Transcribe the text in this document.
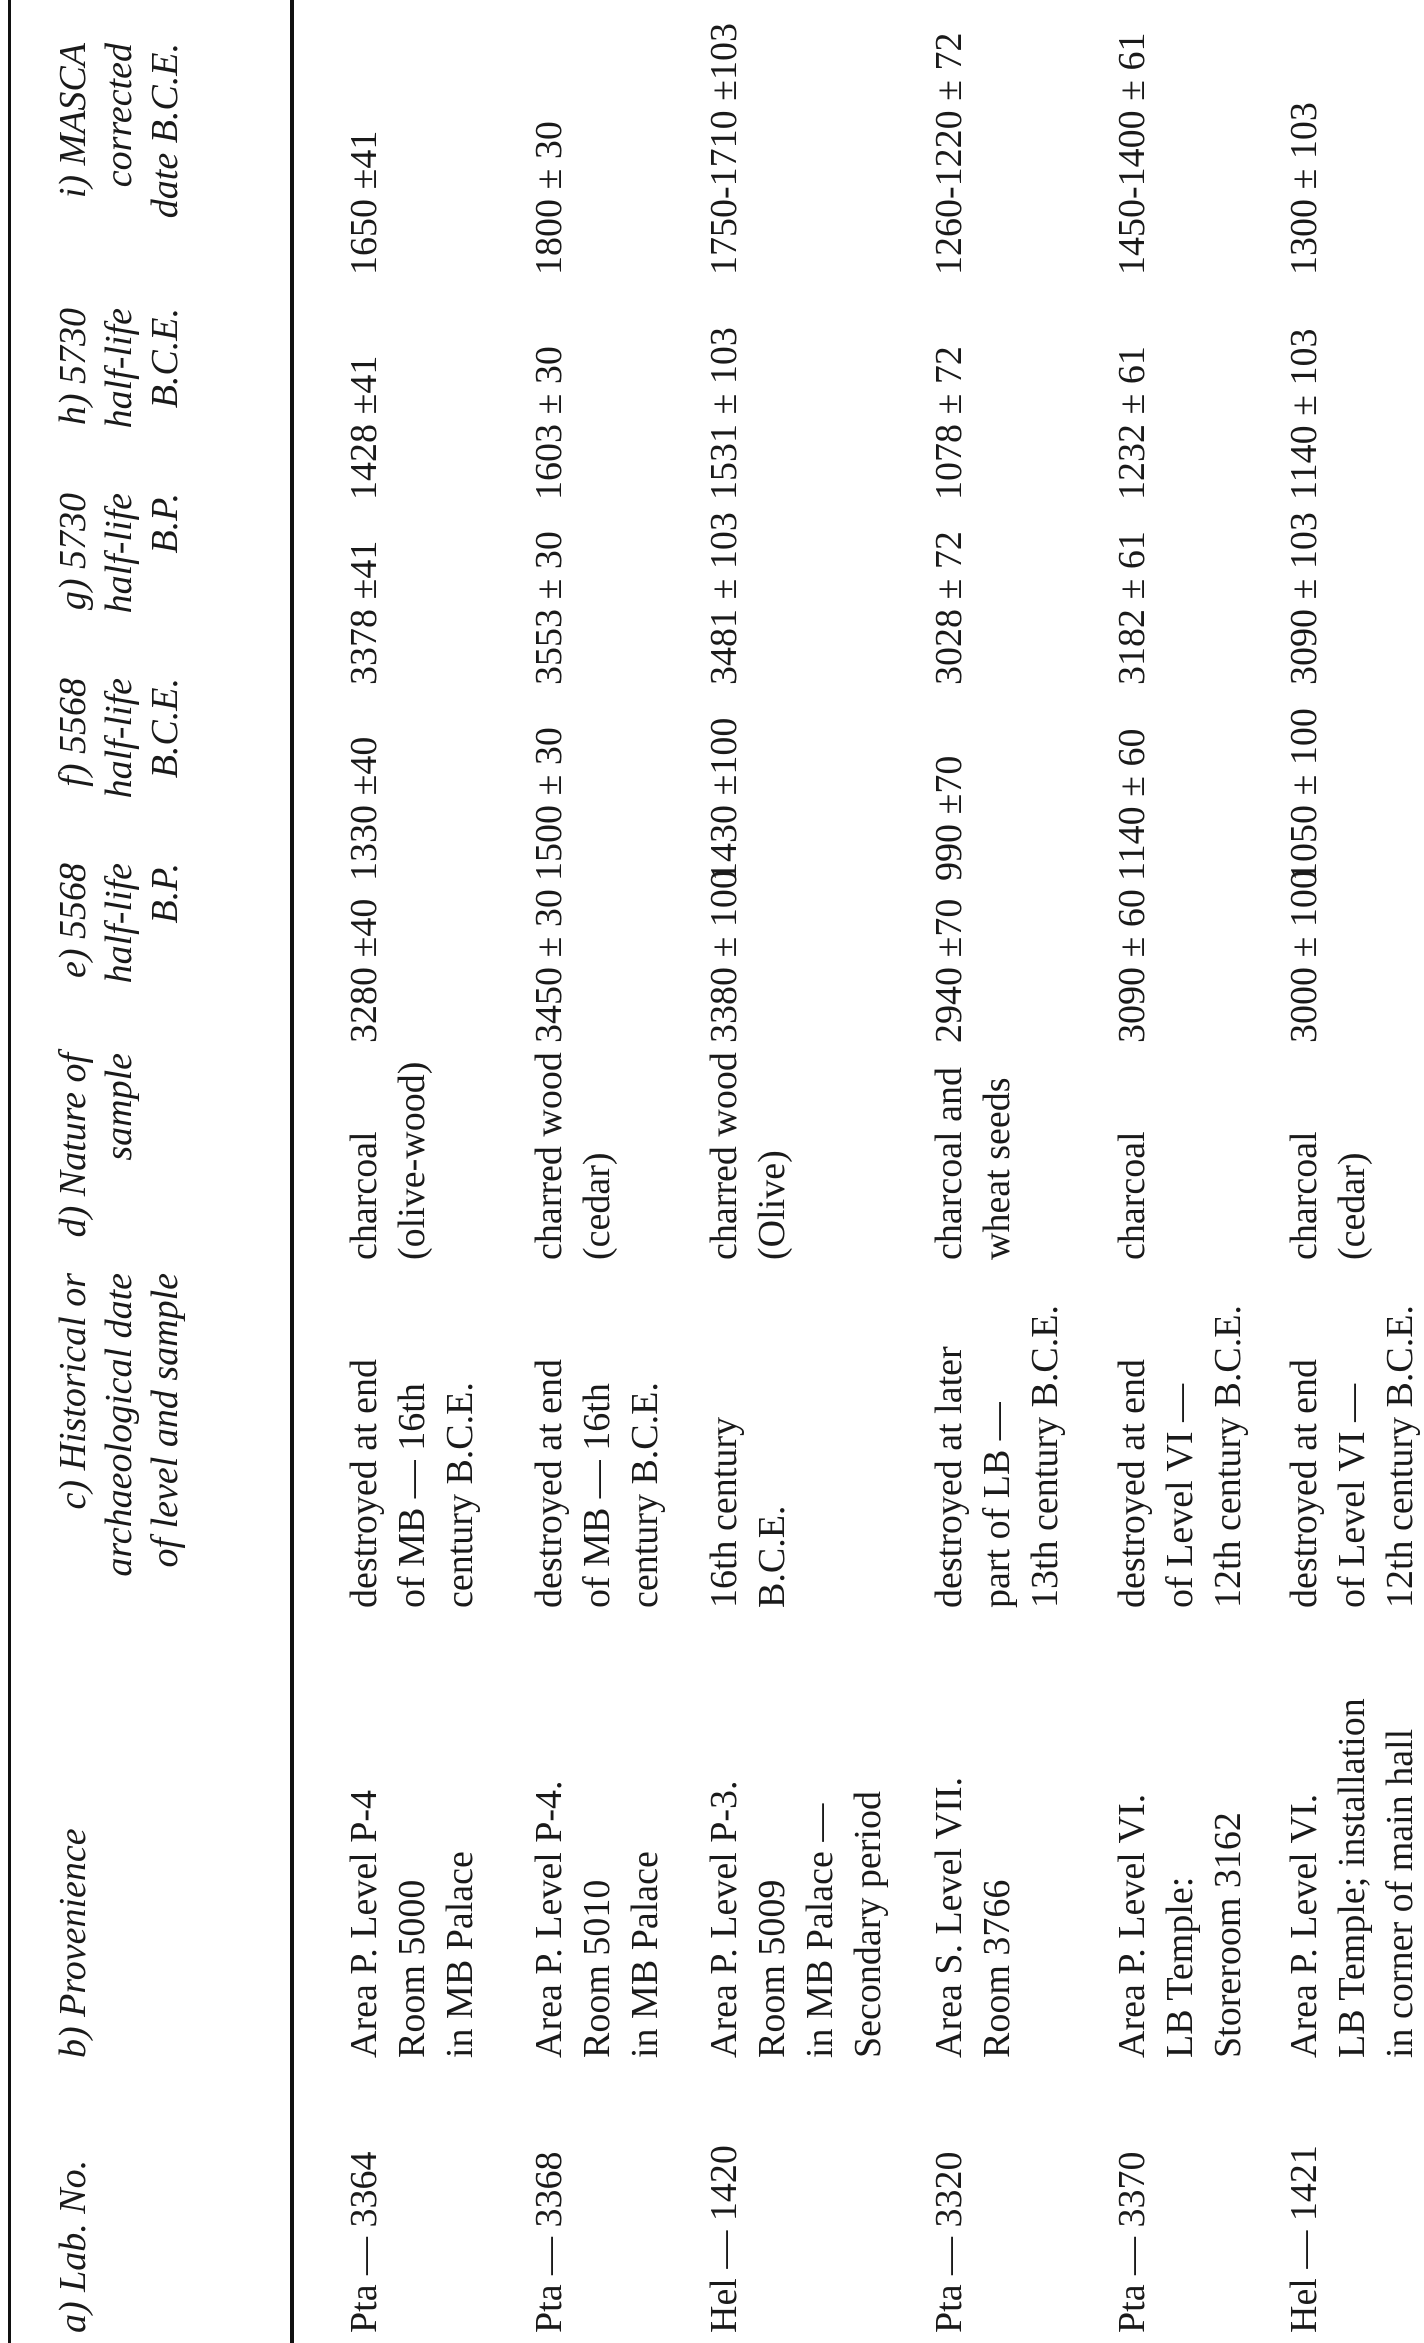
a) Lab. No.
b) Provenience
c) Historical or archaeological date of level and sample
d) Nature of sample
e) 5568 half-life B.P.
f) 5568 half-life B.C.E.
g) 5730 half-life B.P.
h) 5730 half-life B.C.E.
i) MASCA corrected date B.C.E.
Pta — 3364
Area P. Level P-4 Room 5000 in MB Palace
destroyed at end of MB — 16th century B.C.E.
charcoal (olive-wood)
3280 ±40
1330 ±40
3378 ±41
1428 ±41
1650 ±41
Pta — 3368
Area P. Level P-4. Room 5010 in MB Palace
destroyed at end of MB — 16th century B.C.E.
charred wood (cedar)
3450 ± 30
1500 ± 30
3553 ± 30
1603 ± 30
1800 ± 30
Hel — 1420
Area P. Level P-3. Room 5009 in MB Palace — Secondary period
16th century B.C.E.
charred wood (Olive)
3380 ± 100
1430 ±100
3481 ± 103
1531 ± 103
1750-1710 ±103
Pta — 3320
Area S. Level VII. Room 3766
destroyed at later part of LB — 13th century B.C.E.
charcoal and wheat seeds
2940 ±70
990 ±70
3028 ± 72
1078 ± 72
1260-1220 ± 72
Pta — 3370
Area P. Level VI. LB Temple: Storeroom 3162
destroyed at end of Level VI — 12th century B.C.E.
charcoal
3090 ± 60
1140 ± 60
3182 ± 61
1232 ± 61
1450-1400 ± 61
Hel — 1421
Area P. Level VI. LB Temple; installation in corner of main hall
destroyed at end of Level VI — 12th century B.C.E.
charcoal (cedar)
3000 ± 100
1050 ± 100
3090 ± 103
1140 ± 103
1300 ± 103
